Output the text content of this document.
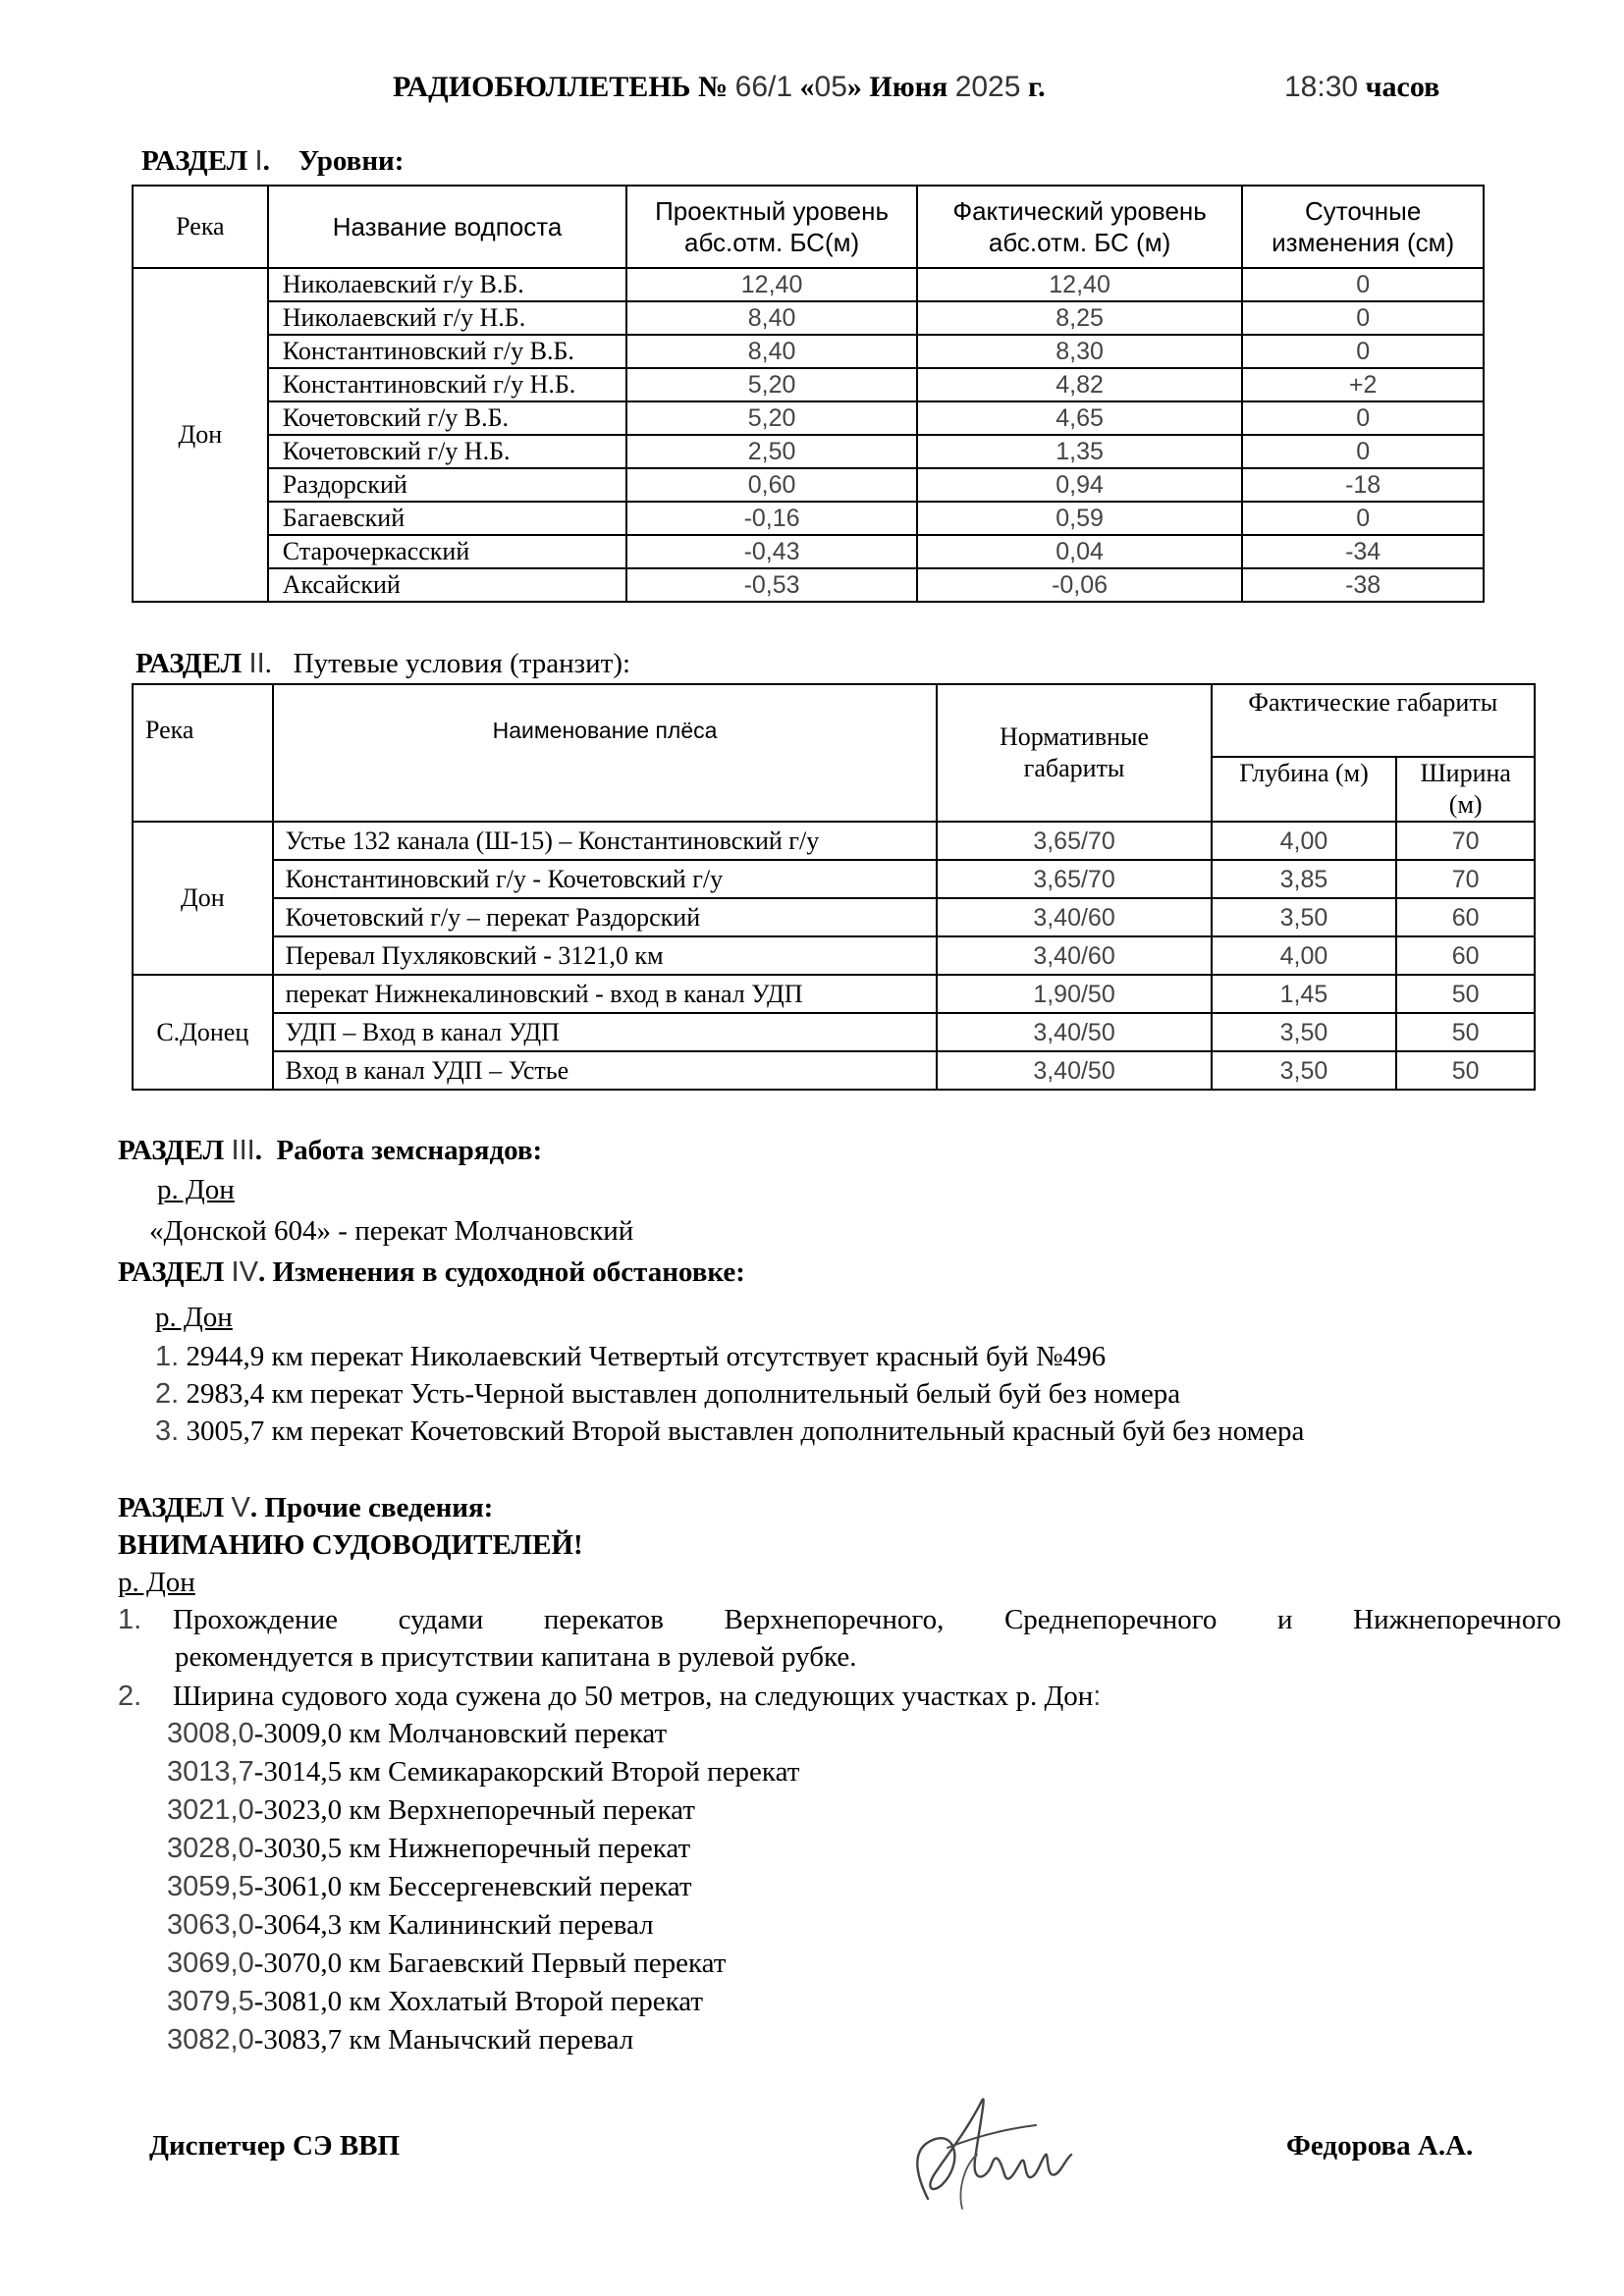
РАДИОБЮЛЛЕТЕНЬ № 66/1 «05» Июня 2025 г.	18:30 часов
РАЗДЕЛ I.    Уровни:
Река	Название водпоста	Проектный уровень абс.отм. БС(м)	Фактический уровень абс.отм. БС (м)	Суточные изменения (см)
Дон	Николаевский г/у В.Б.	12,40	12,40	0
	Николаевский г/у Н.Б.	8,40	8,25	0
	Константиновский г/у В.Б.	8,40	8,30	0
	Константиновский г/у Н.Б.	5,20	4,82	+2
	Кочетовский г/у В.Б.	5,20	4,65	0
	Кочетовский г/у Н.Б.	2,50	1,35	0
	Раздорский	0,60	0,94	-18
	Багаевский	-0,16	0,59	0
	Старочеркасский	-0,43	0,04	-34
	Аксайский	-0,53	-0,06	-38
РАЗДЕЛ II.   Путевые условия (транзит):
Река	Наименование плёса	Нормативные габариты	Фактические габариты	
			Глубина (м)	Ширина (м)
Дон	Устье 132 канала (Ш-15) – Константиновский г/у	3,65/70	4,00	70
	Константиновский г/у - Кочетовский г/у	3,65/70	3,85	70
	Кочетовский г/у – перекат Раздорский	3,40/60	3,50	60
	Перевал Пухляковский - 3121,0 км	3,40/60	4,00	60
С.Донец	перекат Нижнекалиновский - вход в канал УДП	1,90/50	1,45	50
	УДП – Вход в канал УДП	3,40/50	3,50	50
	Вход в канал УДП – Устье	3,40/50	3,50	50
РАЗДЕЛ III.  Работа земснарядов:
р. Дон
«Донской 604» - перекат Молчановский
РАЗДЕЛ IV. Изменения в судоходной обстановке:
р. Дон
1. 2944,9 км перекат Николаевский Четвертый отсутствует красный буй №496
2. 2983,4 км перекат Усть-Черной выставлен дополнительный белый буй без номера
3. 3005,7 км перекат Кочетовский Второй выставлен дополнительный красный буй без номера
РАЗДЕЛ V. Прочие сведения:
ВНИМАНИЮ СУДОВОДИТЕЛЕЙ!
р. Дон
1. Прохождение судами перекатов Верхнепоречного, Среднепоречного и Нижнепоречного
рекомендуется в присутствии капитана в рулевой рубке.
2. Ширина судового хода сужена до 50 метров, на следующих участках р. Дон:
3008,0-3009,0 км Молчановский перекат
3013,7-3014,5 км Семикаракорский Второй перекат
3021,0-3023,0 км Верхнепоречный перекат
3028,0-3030,5 км Нижнепоречный перекат
3059,5-3061,0 км Бессергеневский перекат
3063,0-3064,3 км Калининский перевал
3069,0-3070,0 км Багаевский Первый перекат
3079,5-3081,0 км Хохлатый Второй перекат
3082,0-3083,7 км Манычский перевал
Диспетчер СЭ ВВП	Федорова А.А.
